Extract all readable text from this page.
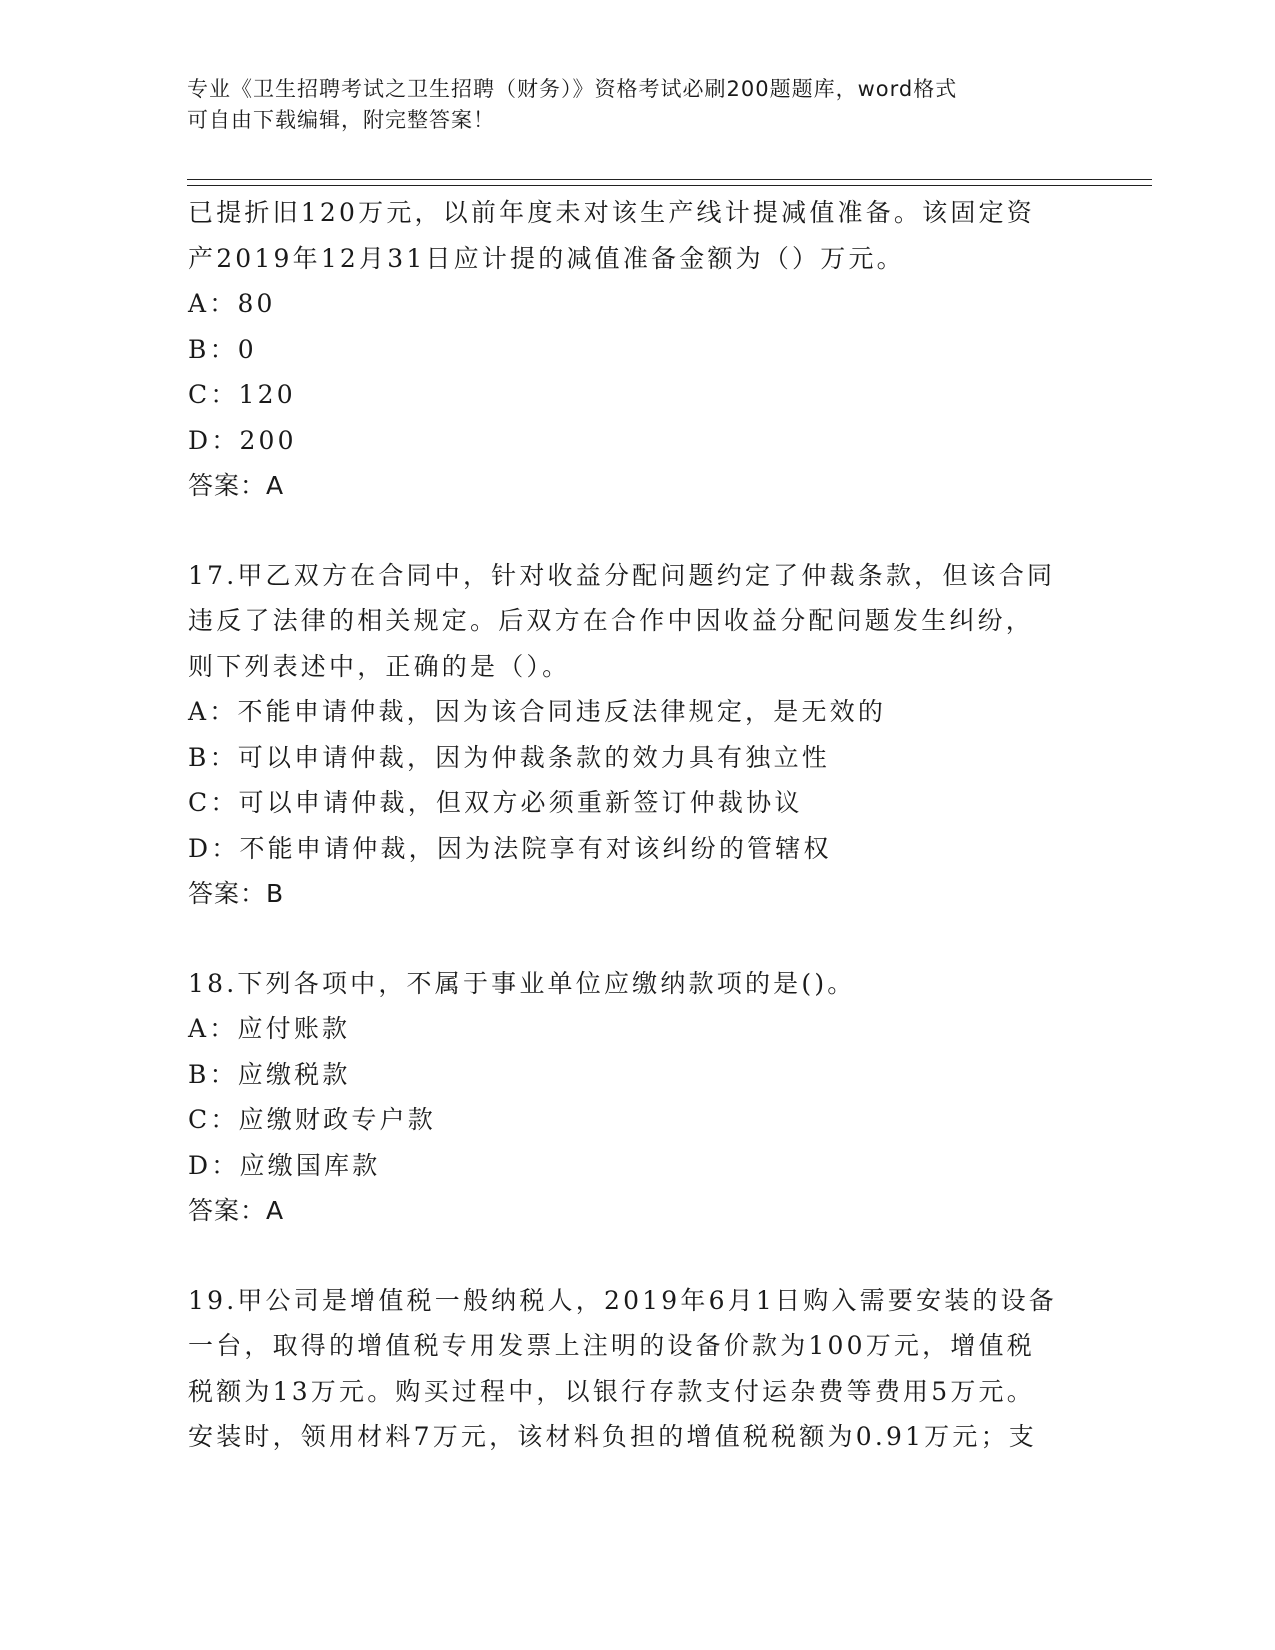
专业《卫生招聘考试之卫生招聘（财务）》资格考试必刷200题题库，word格式
可自由下载编辑，附完整答案！
已提折旧120万元，以前年度未对该生产线计提减值准备。该固定资
产2019年12月31日应计提的减值准备金额为（）万元。
A：80
B：0
C：120
D：200
答案：A
17.甲乙双方在合同中，针对收益分配问题约定了仲裁条款，但该合同
违反了法律的相关规定。后双方在合作中因收益分配问题发生纠纷，
则下列表述中，正确的是（）。
A：不能申请仲裁，因为该合同违反法律规定，是无效的
B：可以申请仲裁，因为仲裁条款的效力具有独立性
C：可以申请仲裁，但双方必须重新签订仲裁协议
D：不能申请仲裁，因为法院享有对该纠纷的管辖权
答案：B
18.下列各项中，不属于事业单位应缴纳款项的是()。
A：应付账款
B：应缴税款
C：应缴财政专户款
D：应缴国库款
答案：A
19.甲公司是增值税一般纳税人，2019年6月1日购入需要安装的设备
一台，取得的增值税专用发票上注明的设备价款为100万元，增值税
税额为13万元。购买过程中，以银行存款支付运杂费等费用5万元。
安装时，领用材料7万元，该材料负担的增值税税额为0.91万元；支
